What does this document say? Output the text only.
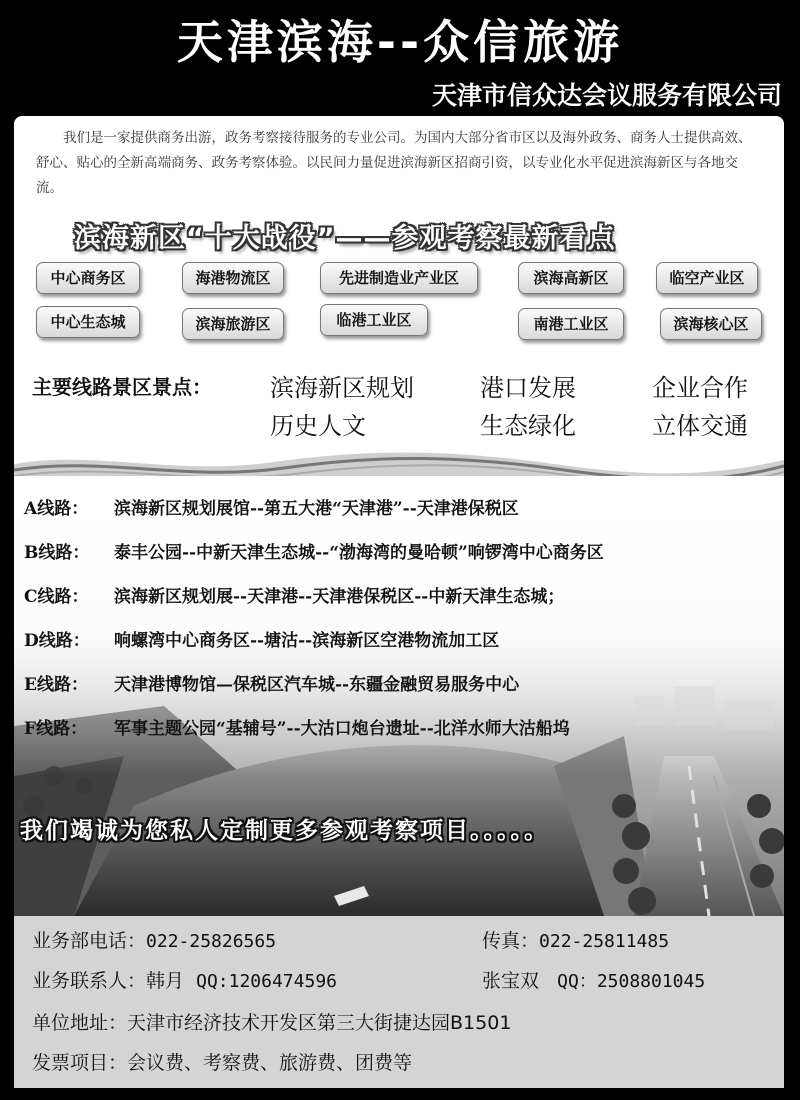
天津滨海--众信旅游
天津市信众达会议服务有限公司
我们是一家提供商务出游，政务考察接待服务的专业公司。为国内大部分省市区以及海外政务、商务人士提供高效、舒心、贴心的全新高端商务、政务考察体验。以民间力量促进滨海新区招商引资，以专业化水平促进滨海新区与各地交流。
滨海新区“十大战役”——参观考察最新看点
中心商务区	海港物流区	先进制造业产业区	滨海高新区	临空产业区
中心生态城	滨海旅游区	临港工业区	南港工业区	滨海核心区
主要线路景区景点： 滨海新区规划	港口发展	企业合作
历史人文	生态绿化	立体交通
A线路： 滨海新区规划展馆--第五大港“天津港”--天津港保税区
B线路： 泰丰公园--中新天津生态城--“渤海湾的曼哈顿”响锣湾中心商务区
C线路： 滨海新区规划展--天津港--天津港保税区--中新天津生态城；
D线路： 响螺湾中心商务区--塘沽--滨海新区空港物流加工区
E线路： 天津港博物馆—保税区汽车城--东疆金融贸易服务中心
F线路： 军事主题公园“基辅号”--大沽口炮台遗址--北洋水师大沽船坞
我们竭诚为您私人定制更多参观考察项目。。。。。
业务部电话：022-25826565	传真：022-25811485
业务联系人：韩月 QQ:1206474596	张宝双 QQ：2508801045
单位地址：天津市经济技术开发区第三大街捷达园B1501
发票项目：会议费、考察费、旅游费、团费等
